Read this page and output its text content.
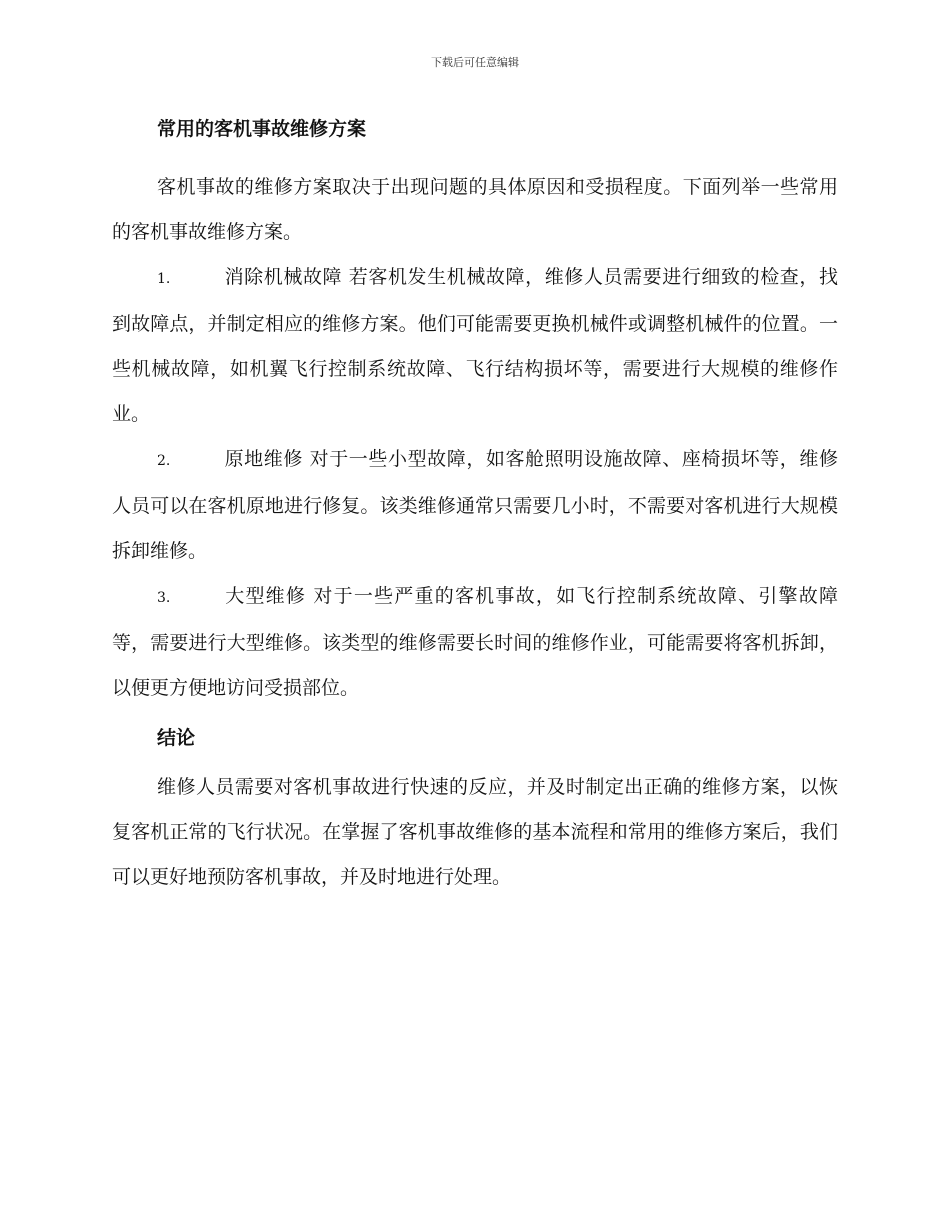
下载后可任意编辑
常用的客机事故维修方案

客机事故的维修方案取决于出现问题的具体原因和受损程度。下面列举一些常用的客机事故维修方案。

1.	消除机械故障 若客机发生机械故障，维修人员需要进行细致的检查，找到故障点，并制定相应的维修方案。他们可能需要更换机械件或调整机械件的位置。一些机械故障，如机翼飞行控制系统故障、飞行结构损坏等，需要进行大规模的维修作业。

2.	原地维修 对于一些小型故障，如客舱照明设施故障、座椅损坏等，维修人员可以在客机原地进行修复。该类维修通常只需要几小时，不需要对客机进行大规模拆卸维修。

3.	大型维修 对于一些严重的客机事故，如飞行控制系统故障、引擎故障等，需要进行大型维修。该类型的维修需要长时间的维修作业，可能需要将客机拆卸，以便更方便地访问受损部位。

结论

维修人员需要对客机事故进行快速的反应，并及时制定出正确的维修方案，以恢复客机正常的飞行状况。在掌握了客机事故维修的基本流程和常用的维修方案后，我们可以更好地预防客机事故，并及时地进行处理。
